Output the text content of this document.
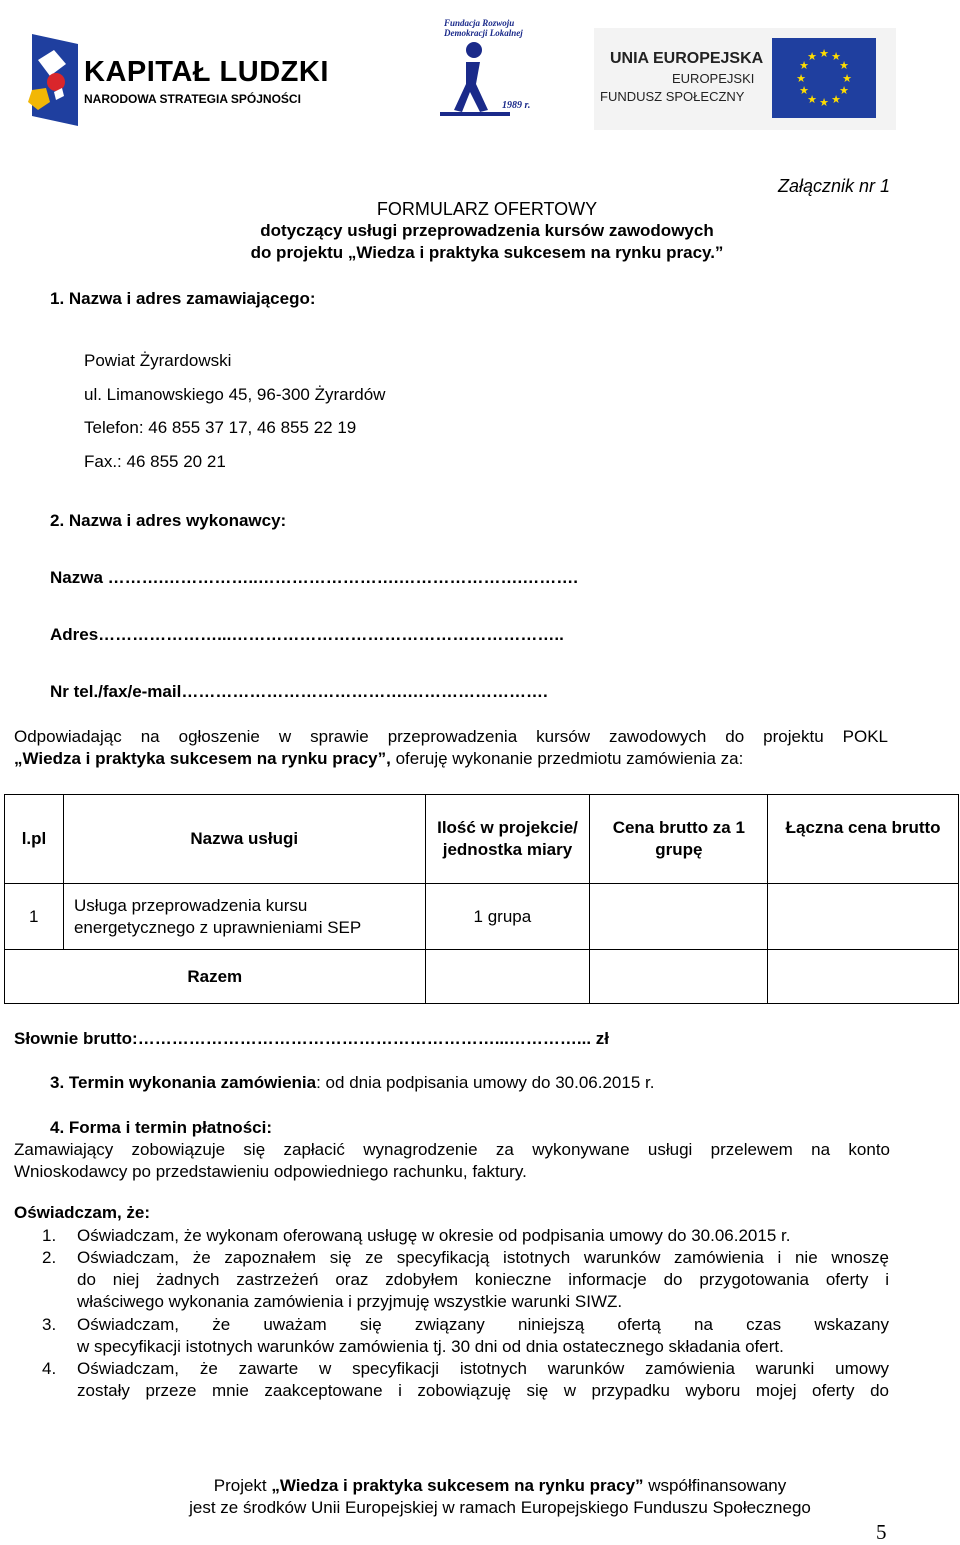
KAPITAŁ LUDZKI
NARODOWA STRATEGIA SPÓJNOŚCI
Fundacja Rozwoju
Demokracji Lokalnej
1989 r.
UNIA EUROPEJSKA
EUROPEJSKI
FUNDUSZ SPOŁECZNY
★ ★
★
★
★
★
★
★
★
★
★
★
Załącznik nr 1
FORMULARZ OFERTOWY
dotyczący usługi przeprowadzenia kursów zawodowych
do projektu „Wiedza i praktyka sukcesem na rynku pracy.”
1. Nazwa i adres zamawiającego:
Powiat Żyrardowski
ul. Limanowskiego 45, 96-300 Żyrardów
Telefon: 46 855 37 17, 46 855 22 19
Fax.: 46 855 20 21
2. Nazwa i adres wykonawcy:
Nazwa ……….……………..…………………….………………….……….
Adres…………………...…………………………………………………..
Nr tel./fax/e-mail………………………………….…………………….
Odpowiadając na ogłoszenie w sprawie przeprowadzenia kursów zawodowych do projektu POKL
„Wiedza i praktyka sukcesem na rynku pracy”, oferuję wykonanie przedmiotu zamówienia za:
l.pl	Nazwa usługi	Ilość w projekcie/ jednostka miary	Cena brutto za 1 grupę	Łączna cena brutto
1	Usługa przeprowadzenia kursu energetycznego z uprawnieniami SEP	1 grupa		
Razem				
Słownie brutto:………………………………………………………...…………... zł
3. Termin wykonania zamówienia: od dnia podpisania umowy do 30.06.2015 r.
4. Forma i termin płatności:
Zamawiający zobowiązuje się zapłacić wynagrodzenie za wykonywane usługi przelewem na konto
Wnioskodawcy po przedstawieniu odpowiedniego rachunku, faktury.
Oświadczam, że:
1. Oświadczam, że wykonam oferowaną usługę w okresie od podpisania umowy do 30.06.2015 r.
2. Oświadczam, że zapoznałem się ze specyfikacją istotnych warunków zamówienia i nie wnoszę
do niej żadnych zastrzeżeń oraz zdobyłem konieczne informacje do przygotowania oferty i
właściwego wykonania zamówienia i przyjmuję wszystkie warunki SIWZ.
3. Oświadczam, że uważam się związany niniejszą ofertą na czas wskazany
w specyfikacji istotnych warunków zamówienia tj. 30 dni od dnia ostatecznego składania ofert.
4. Oświadczam, że zawarte w specyfikacji istotnych warunków zamówienia warunki umowy
zostały przeze mnie zaakceptowane i zobowiązuję się w przypadku wyboru mojej oferty do
Projekt „Wiedza i praktyka sukcesem na rynku pracy” współfinansowany
jest ze środków Unii Europejskiej w ramach Europejskiego Funduszu Społecznego
5
